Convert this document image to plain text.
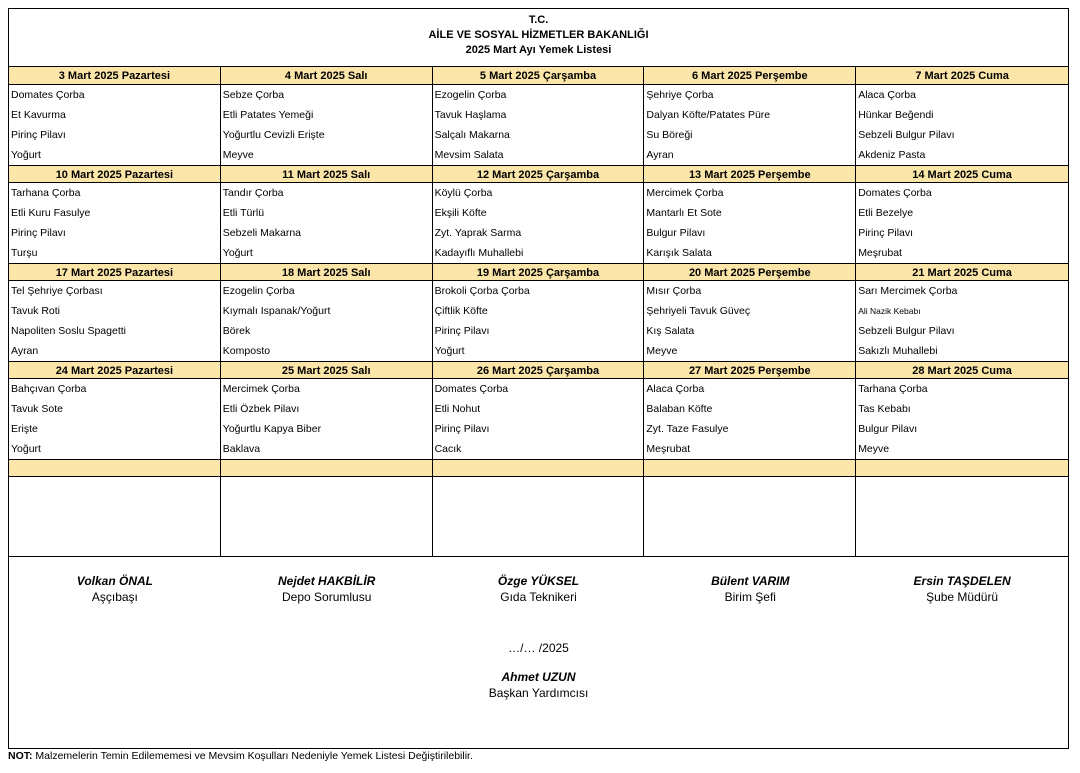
T.C.
AİLE VE SOSYAL HİZMETLER BAKANLIĞI
2025 Mart Ayı Yemek Listesi
3 Mart 2025 Pazartesi
Domates Çorba
Et Kavurma
Pirinç Pilavı
Yoğurt
4 Mart 2025 Salı
Sebze Çorba
Etli Patates Yemeği
Yoğurtlu Cevizli Erişte
Meyve
5 Mart 2025 Çarşamba
Ezogelin Çorba
Tavuk Haşlama
Salçalı Makarna
Mevsim Salata
6 Mart 2025 Perşembe
Şehriye Çorba
Dalyan Köfte/Patates Püre
Su Böreği
Ayran
7 Mart 2025 Cuma
Alaca Çorba
Hünkar Beğendi
Sebzeli Bulgur Pilavı
Akdeniz Pasta
10 Mart 2025 Pazartesi
Tarhana Çorba
Etli Kuru Fasulye
Pirinç Pilavı
Turşu
11 Mart 2025 Salı
Tandır Çorba
Etli Türlü
Sebzeli Makarna
Yoğurt
12 Mart 2025 Çarşamba
Köylü Çorba
Ekşili Köfte
Zyt. Yaprak Sarma
Kadayıflı Muhallebi
13 Mart 2025 Perşembe
Mercimek Çorba
Mantarlı Et Sote
Bulgur Pilavı
Karışık Salata
14 Mart 2025 Cuma
Domates Çorba
Etli Bezelye
Pirinç Pilavı
Meşrubat
17 Mart 2025 Pazartesi
Tel Şehriye Çorbası
Tavuk Roti
Napoliten Soslu Spagetti
Ayran
18 Mart 2025 Salı
Ezogelin Çorba
Kıymalı Ispanak/Yoğurt
Börek
Komposto
19 Mart 2025 Çarşamba
Brokoli Çorba Çorba
Çiftlik Köfte
Pirinç Pilavı
Yoğurt
20 Mart 2025 Perşembe
Mısır Çorba
Şehriyeli Tavuk Güveç
Kış Salata
Meyve
21 Mart 2025 Cuma
Sarı Mercimek Çorba
Ali Nazik Kebabı
Sebzeli Bulgur Pilavı
Sakızlı Muhallebi
24 Mart 2025 Pazartesi
Bahçıvan Çorba
Tavuk Sote
Erişte
Yoğurt
25 Mart 2025 Salı
Mercimek Çorba
Etli Özbek Pilavı
Yoğurtlu Kapya Biber
Baklava
26 Mart 2025 Çarşamba
Domates Çorba
Etli Nohut
Pirinç Pilavı
Cacık
27 Mart 2025 Perşembe
Alaca Çorba
Balaban Köfte
Zyt. Taze Fasulye
Meşrubat
28 Mart 2025 Cuma
Tarhana Çorba
Tas Kebabı
Bulgur Pilavı
Meyve
Volkan ÖNAL
Aşçıbaşı
Nejdet HAKBİLİR
Depo Sorumlusu
Özge YÜKSEL
Gıda Teknikeri
Bülent VARIM
Birim Şefi
Ersin TAŞDELEN
Şube Müdürü
…/… /2025
Ahmet UZUN
Başkan Yardımcısı
NOT: Malzemelerin Temin Edilememesi ve Mevsim Koşulları Nedeniyle Yemek Listesi Değiştirilebilir.
